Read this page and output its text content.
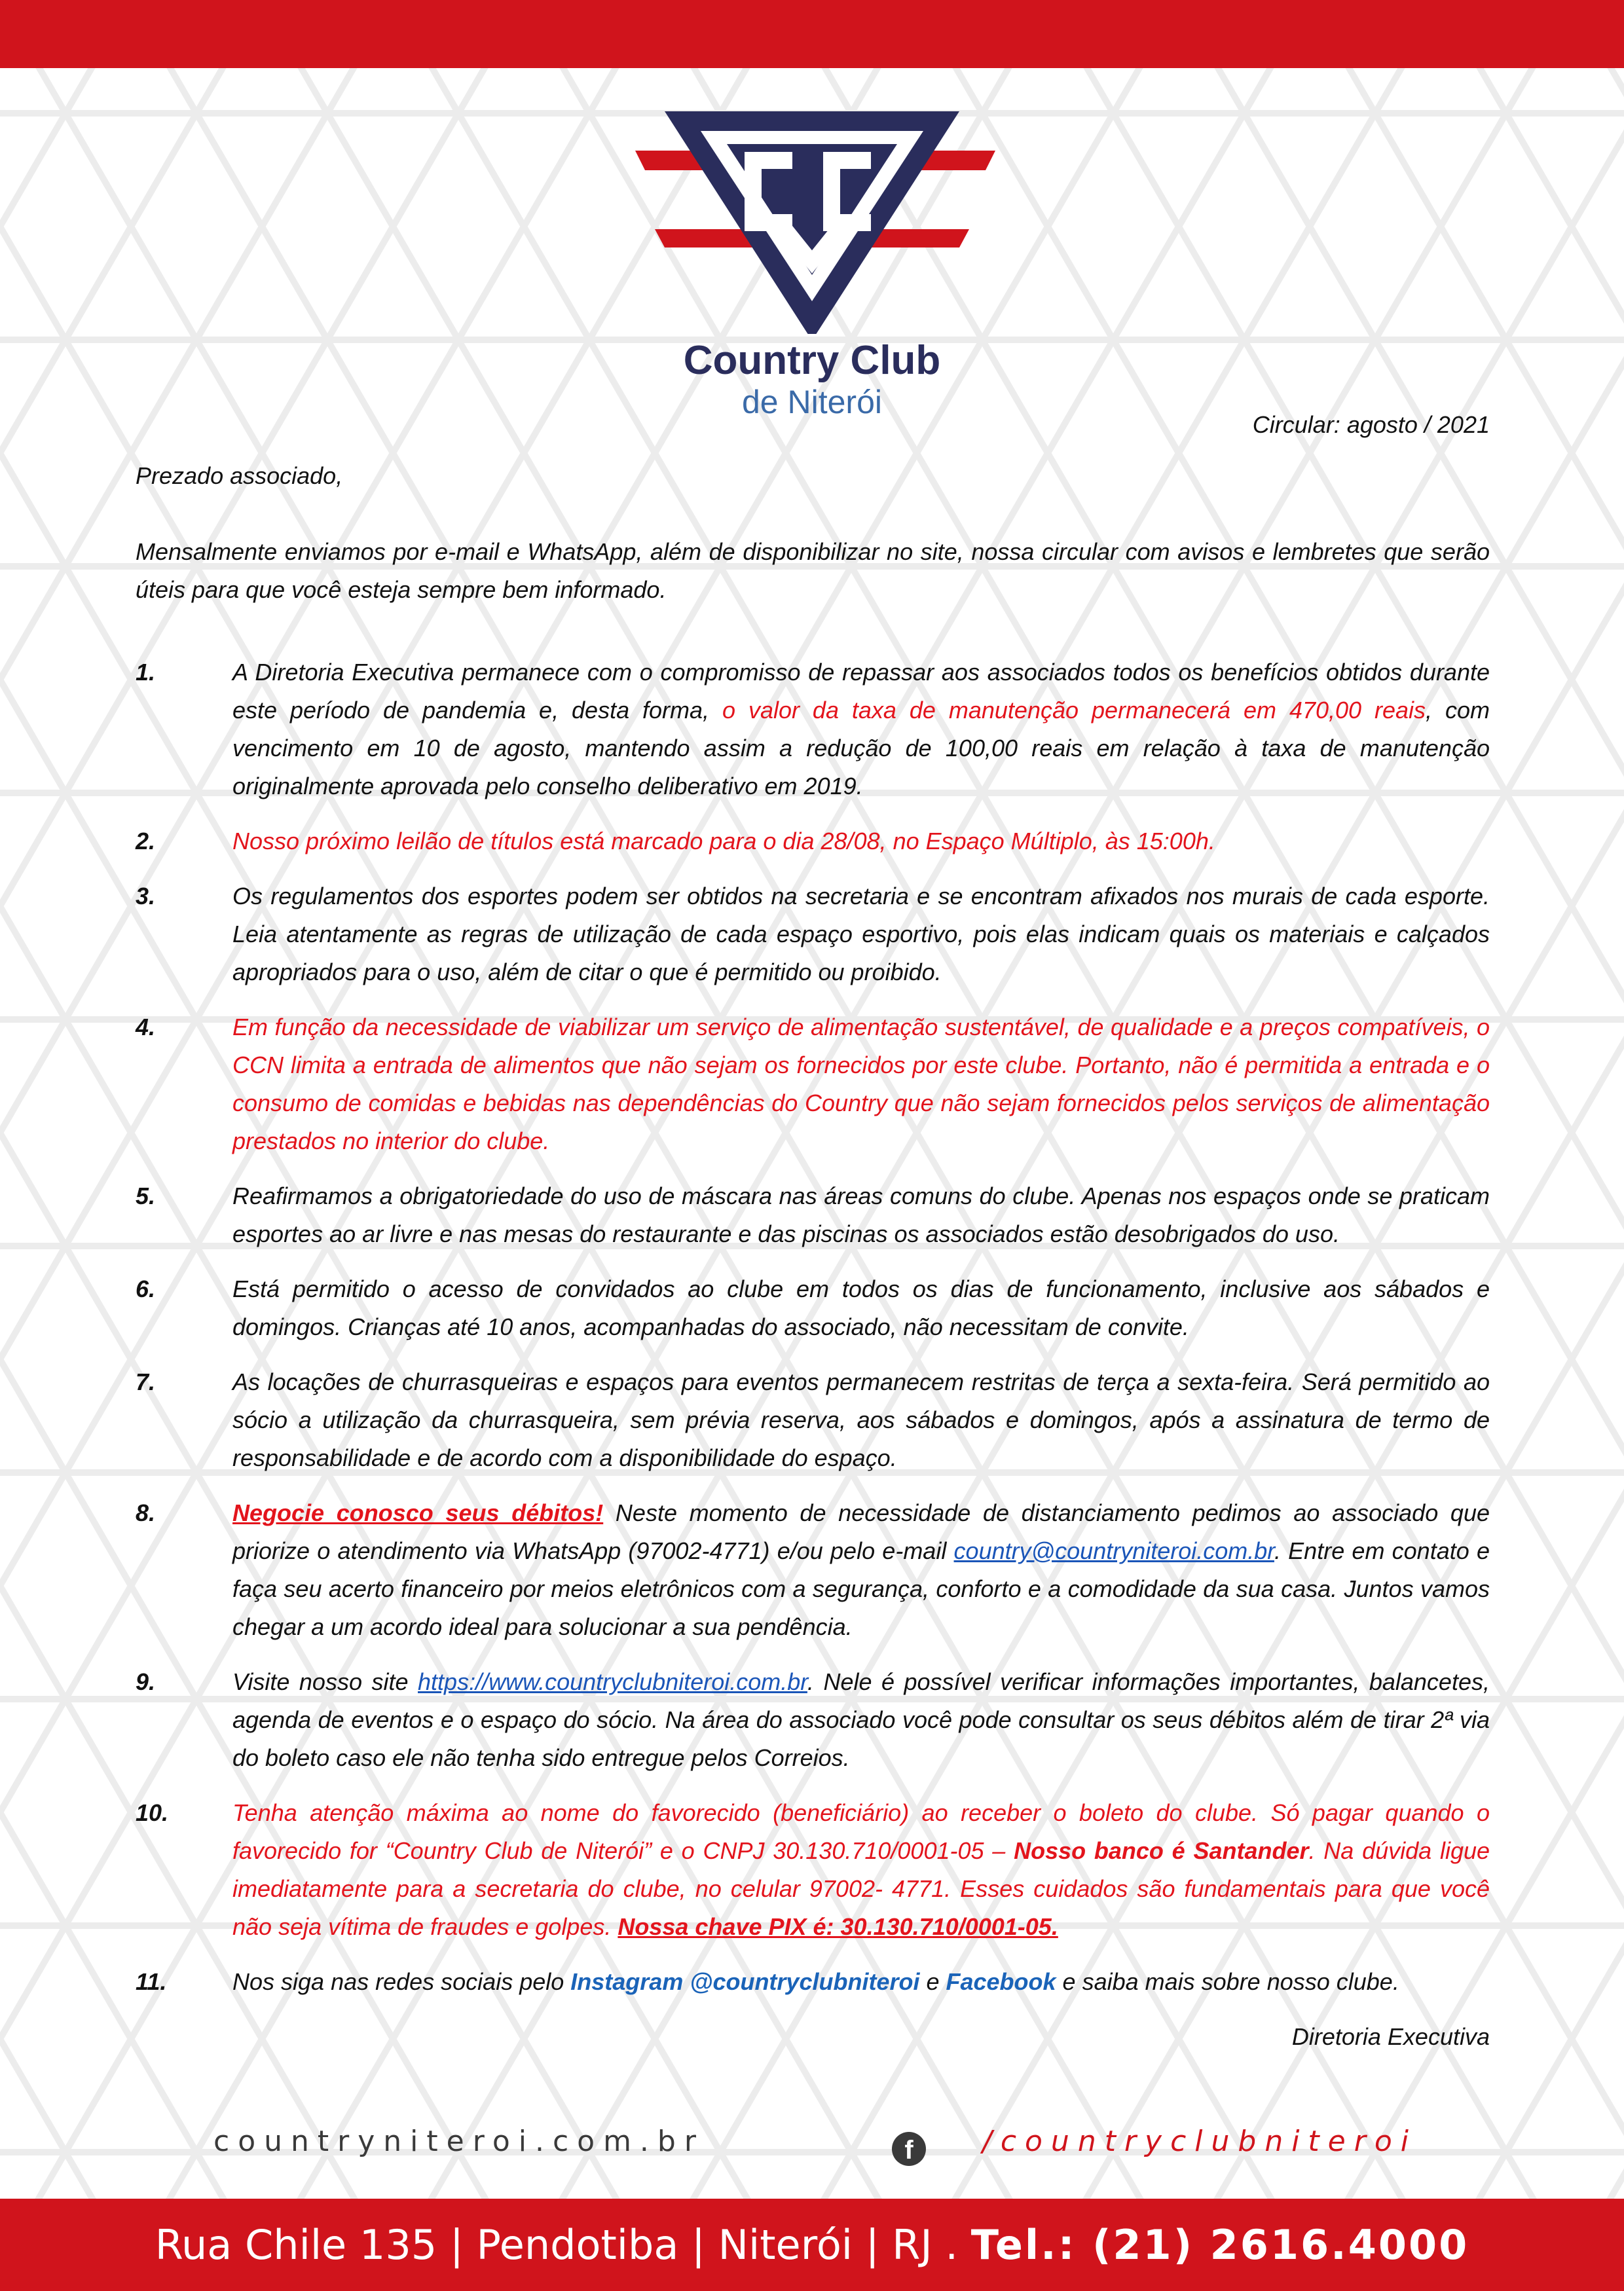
Country Club
de Niterói

Circular: agosto / 2021

Prezado associado,

Mensalmente enviamos por e-mail e WhatsApp, além de disponibilizar no site, nossa circular com avisos e lembretes que serão úteis para que você esteja sempre bem informado.

1.	A Diretoria Executiva permanece com o compromisso de repassar aos associados todos os benefícios obtidos durante este período de pandemia e, desta forma, o valor da taxa de manutenção permanecerá em 470,00 reais, com vencimento em 10 de agosto, mantendo assim a redução de 100,00 reais em relação à taxa de manutenção originalmente aprovada pelo conselho deliberativo em 2019.
2.	Nosso próximo leilão de títulos está marcado para o dia 28/08, no Espaço Múltiplo, às 15:00h.
3.	Os regulamentos dos esportes podem ser obtidos na secretaria e se encontram afixados nos murais de cada esporte. Leia atentamente as regras de utilização de cada espaço esportivo, pois elas indicam quais os materiais e calçados apropriados para o uso, além de citar o que é permitido ou proibido.
4.	Em função da necessidade de viabilizar um serviço de alimentação sustentável, de qualidade e a preços compatíveis, o CCN limita a entrada de alimentos que não sejam os fornecidos por este clube. Portanto, não é permitida a entrada e o consumo de comidas e bebidas nas dependências do Country que não sejam fornecidos pelos serviços de alimentação prestados no interior do clube.
5.	Reafirmamos a obrigatoriedade do uso de máscara nas áreas comuns do clube. Apenas nos espaços onde se praticam esportes ao ar livre e nas mesas do restaurante e das piscinas os associados estão desobrigados do uso.
6.	Está permitido o acesso de convidados ao clube em todos os dias de funcionamento, inclusive aos sábados e domingos. Crianças até 10 anos, acompanhadas do associado, não necessitam de convite.
7.	As locações de churrasqueiras e espaços para eventos permanecem restritas de terça a sexta-feira. Será permitido ao sócio a utilização da churrasqueira, sem prévia reserva, aos sábados e domingos, após a assinatura de termo de responsabilidade e de acordo com a disponibilidade do espaço.
8.	Negocie conosco seus débitos! Neste momento de necessidade de distanciamento pedimos ao associado que priorize o atendimento via WhatsApp (97002-4771) e/ou pelo e-mail country@countryniteroi.com.br. Entre em contato e faça seu acerto financeiro por meios eletrônicos com a segurança, conforto e a comodidade da sua casa. Juntos vamos chegar a um acordo ideal para solucionar a sua pendência.
9.	Visite nosso site https://www.countryclubniteroi.com.br. Nele é possível verificar informações importantes, balancetes, agenda de eventos e o espaço do sócio. Na área do associado você pode consultar os seus débitos além de tirar 2ª via do boleto caso ele não tenha sido entregue pelos Correios.
10.	Tenha atenção máxima ao nome do favorecido (beneficiário) ao receber o boleto do clube. Só pagar quando o favorecido for “Country Club de Niterói” e o CNPJ 30.130.710/0001-05 – Nosso banco é Santander. Na dúvida ligue imediatamente para a secretaria do clube, no celular 97002- 4771. Esses cuidados são fundamentais para que você não seja vítima de fraudes e golpes. Nossa chave PIX é: 30.130.710/0001-05.
11.	Nos siga nas redes sociais pelo Instagram @countryclubniteroi e Facebook e saiba mais sobre nosso clube.

Diretoria Executiva

countryniteroi.com.br	f	/countryclubniteroi
Rua Chile 135 | Pendotiba | Niterói | RJ . Tel.: (21) 2616.4000
